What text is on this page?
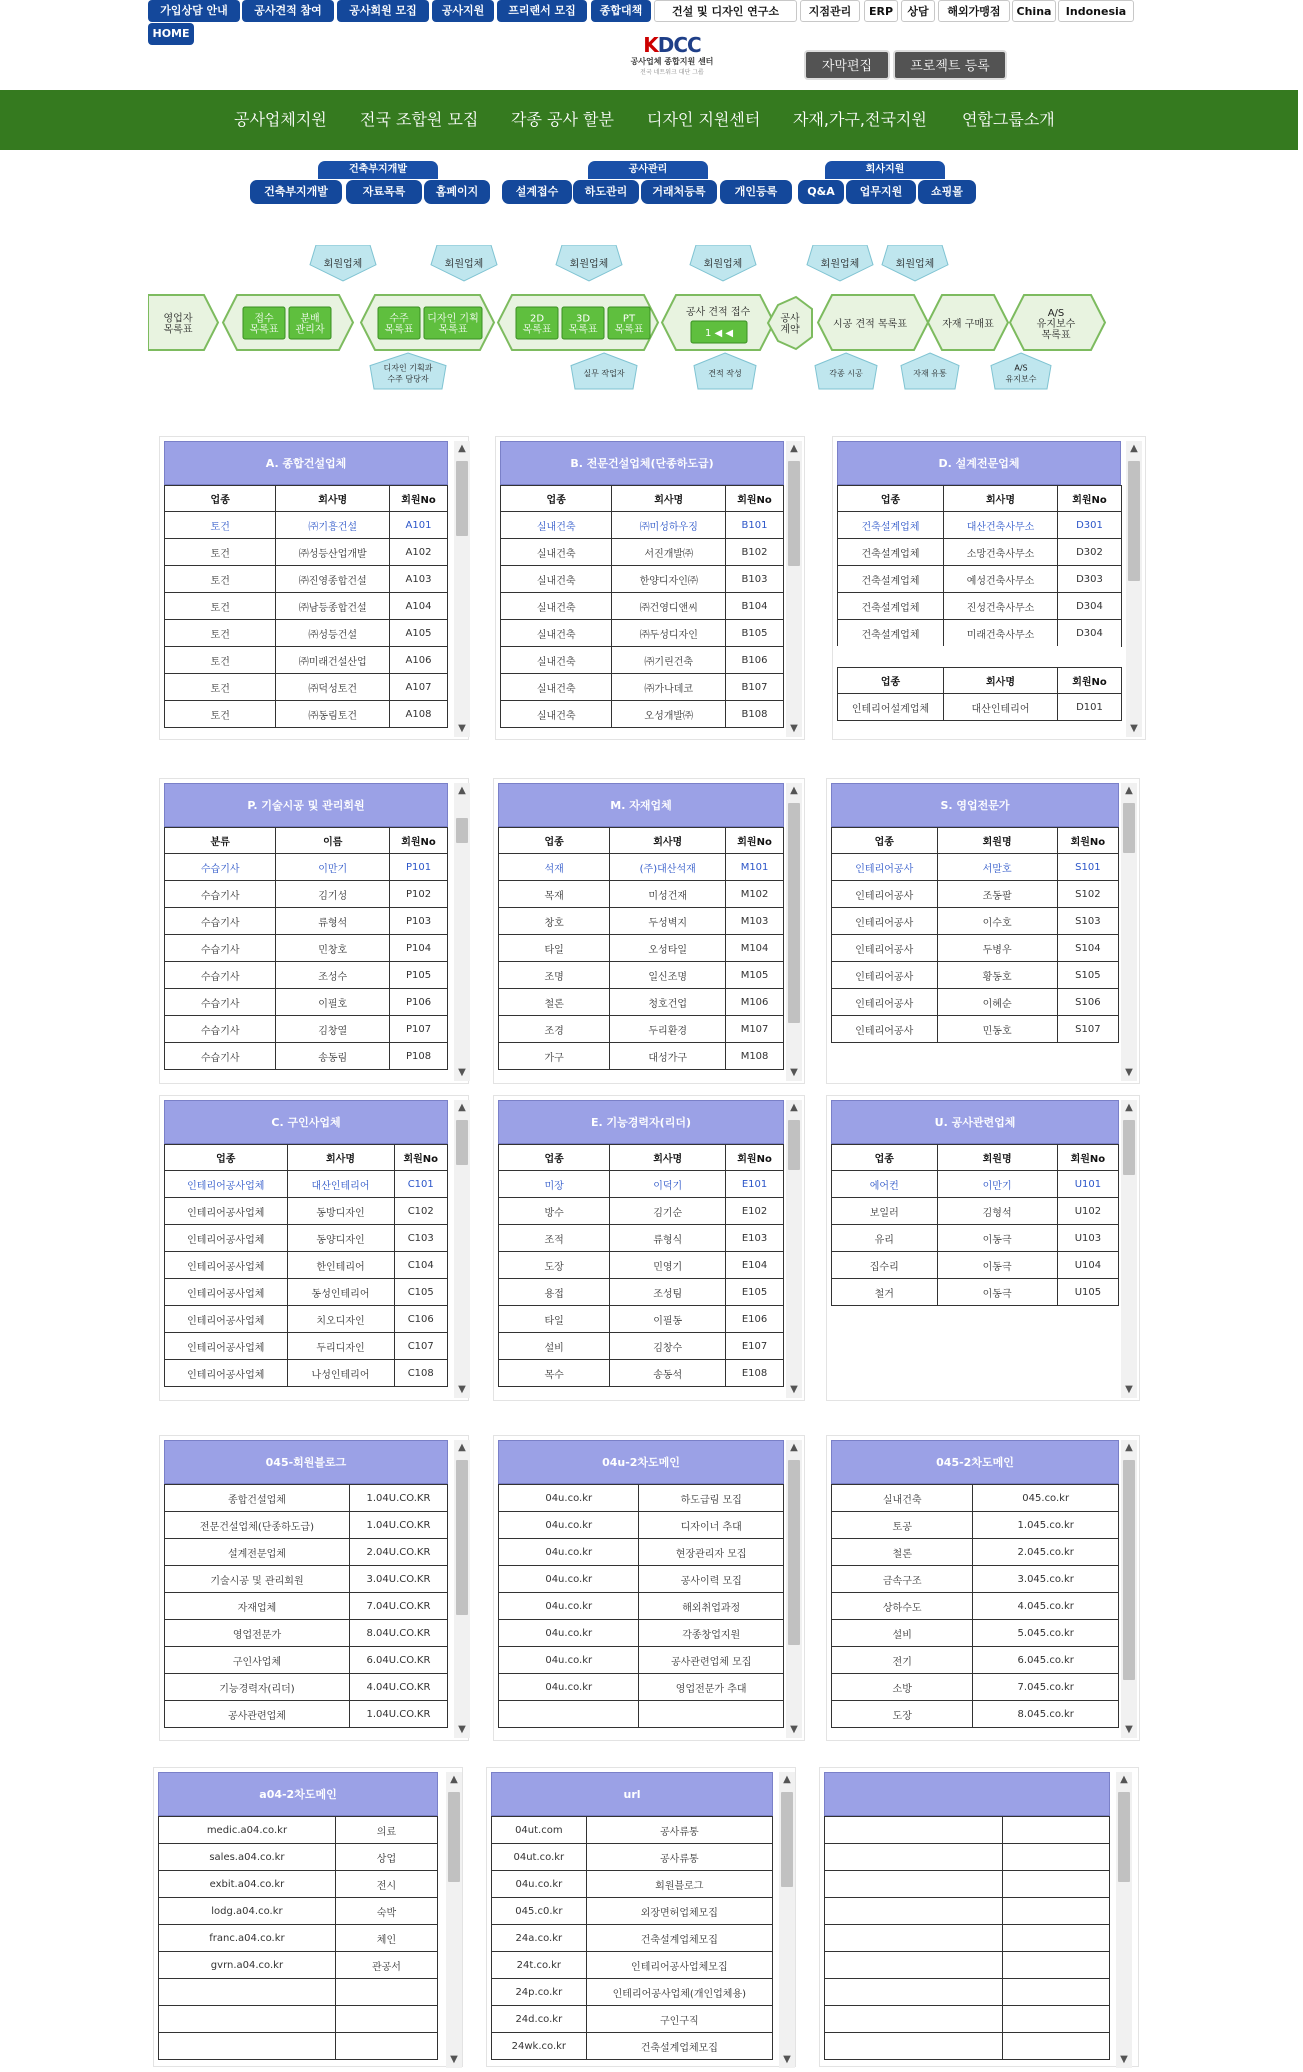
가입상담 안내	공사견적 참여	공사회원 모집	공사지원	프리랜서 모집	종합대책	건설 및 디자인 연구소	지점관리	ERP	상담	해외가맹점	China	Indonesia
HOME	KDCC
공사업체 종합지원 센터
전국 네트워크 대단 그룹	자막편집	프로젝트 등록
공사업체지원 전국 조합원 모집 각종 공사 할분 디자인 지원센터 자재,가구,전국지원 연합그룹소개
건축부지개발	공사관리	회사지원
건축부지개발	자료목록	홈페이지	설계접수	하도관리	거래처등록	개인등록	Q&A	업무지원	쇼핑몰
회원업체	회원업체	회원업체	회원업체	회원업체	회원업체
영업자 목록표
접수 목록표
분배 관리자
수주 목록표
디자인 기획 목록표
2D 목록표
3D 목록표
PT 목록표
공사 견적 접수
1 ◀ ◀
공사 계약	시공 견적 목록표	자재 구매표
A/S 유지보수 목록표
디자인 기획과 수주 담당자
실무 작업자	견적 작성	각종 시공	자재 유통
A/S 유지보수
A. 종합건설업체
업종	회사명	회원No
토건	㈜기흥건설	A101
토건	㈜성등산업개발	A102
토건	㈜진영종합건설	A103
토건	㈜남등종합건설	A104
토건	㈜성등건설	A105
토건	㈜미래건설산업	A106
토건	㈜덕성토건	A107
토건	㈜동림토건	A108
▲
▼
B. 전문건설업체(단종하도급)
업종	회사명	회원No
실내건축	㈜미성하우징	B101
실내건축	서진개발㈜	B102
실내건축	한양디자인㈜	B103
실내건축	㈜건영디앤씨	B104
실내건축	㈜두성디자인	B105
실내건축	㈜기린건축	B106
실내건축	㈜가나데코	B107
실내건축	오성개발㈜	B108
▲
▼
D. 설계전문업체
업종	회사명	회원No
건축설계업체	대산건축사무소	D301
건축설계업체	소망건축사무소	D302
건축설계업체	예성건축사무소	D303
건축설계업체	진성건축사무소	D304
건축설계업체	미래건축사무소	D304
업종	회사명	회원No
인테리어설계업체	대산인테리어	D101
▲
▼
P. 기술시공 및 관리회원
분류	이름	회원No
수습기사	이만기	P101
수습기사	김기성	P102
수습기사	류형석	P103
수습기사	민창호	P104
수습기사	조성수	P105
수습기사	이필호	P106
수습기사	김창열	P107
수습기사	송동림	P108
▲
▼
M. 자재업체
업종	회사명	회원No
석재	(주)대산석재	M101
목재	미성건재	M102
창호	두성벽지	M103
타일	오성타일	M104
조명	일신조명	M105
철론	청호건업	M106
조경	두리환경	M107
가구	대성가구	M108
▲
▼
S. 영업전문가
업종	회원명	회원No
인테리어공사	서말호	S101
인테리어공사	조동팔	S102
인테리어공사	이수호	S103
인테리어공사	두병우	S104
인테리어공사	황동호	S105
인테리어공사	이혜순	S106
인테리어공사	민동호	S107
▲
▼
C. 구인사업체
업종	회사명	회원No
인테리어공사업체	대산인테리어	C101
인테리어공사업체	동방디자인	C102
인테리어공사업체	동양디자인	C103
인테리어공사업체	한인테리어	C104
인테리어공사업체	동성인테리어	C105
인테리어공사업체	치오디자인	C106
인테리어공사업체	두리디자인	C107
인테리어공사업체	나성인테리어	C108
▲
▼
E. 기능경력자(리더)
업종	회사명	회원No
미장	이덕기	E101
방수	김기순	E102
조적	류형식	E103
도장	민영기	E104
용접	조성팀	E105
타일	이필동	E106
설비	김창수	E107
목수	송동석	E108
▲
▼
U. 공사관련업체
업종	회원명	회원No
에어컨	이만기	U101
보일러	김형석	U102
유리	이동극	U103
집수리	이동극	U104
철거	이동극	U105
▲
▼
045-회원블로그
종합건설업체	1.04U.CO.KR
전문건설업체(단종하도급)	1.04U.CO.KR
설계전문업체	2.04U.CO.KR
기술시공 및 관리회원	3.04U.CO.KR
자재업체	7.04U.CO.KR
영업전문가	8.04U.CO.KR
구인사업체	6.04U.CO.KR
기능경력자(리더)	4.04U.CO.KR
공사관련업체	1.04U.CO.KR
▲
▼
04u-2차도메인
04u.co.kr	하도급림 모집
04u.co.kr	디자이너 추대
04u.co.kr	현장관리자 모집
04u.co.kr	공사이력 모집
04u.co.kr	해외취업과정
04u.co.kr	각종창업지원
04u.co.kr	공사관련업체 모집
04u.co.kr	영업전문가 추대

▲
▼
045-2차도메인
실내건축	045.co.kr
토공	1.045.co.kr
철론	2.045.co.kr
금속구조	3.045.co.kr
상하수도	4.045.co.kr
설비	5.045.co.kr
전기	6.045.co.kr
소방	7.045.co.kr
도장	8.045.co.kr
▲
▼
a04-2차도메인
medic.a04.co.kr	의료
sales.a04.co.kr	상업
exbit.a04.co.kr	전시
lodg.a04.co.kr	숙박
franc.a04.co.kr	체인
gvrn.a04.co.kr	관공서

▲
▼
url
04ut.com	공사류통
04ut.co.kr	공사류통
04u.co.kr	회원블로그
045.c0.kr	외장면허업체모집
24a.co.kr	건축설계업체모집
24t.co.kr	인테리어공사업체모집
24p.co.kr	인테리어공사업체(개인업체용)
24d.co.kr	구인구직
24wk.co.kr	건축설계업체모집
▲
▼

▲
▼
